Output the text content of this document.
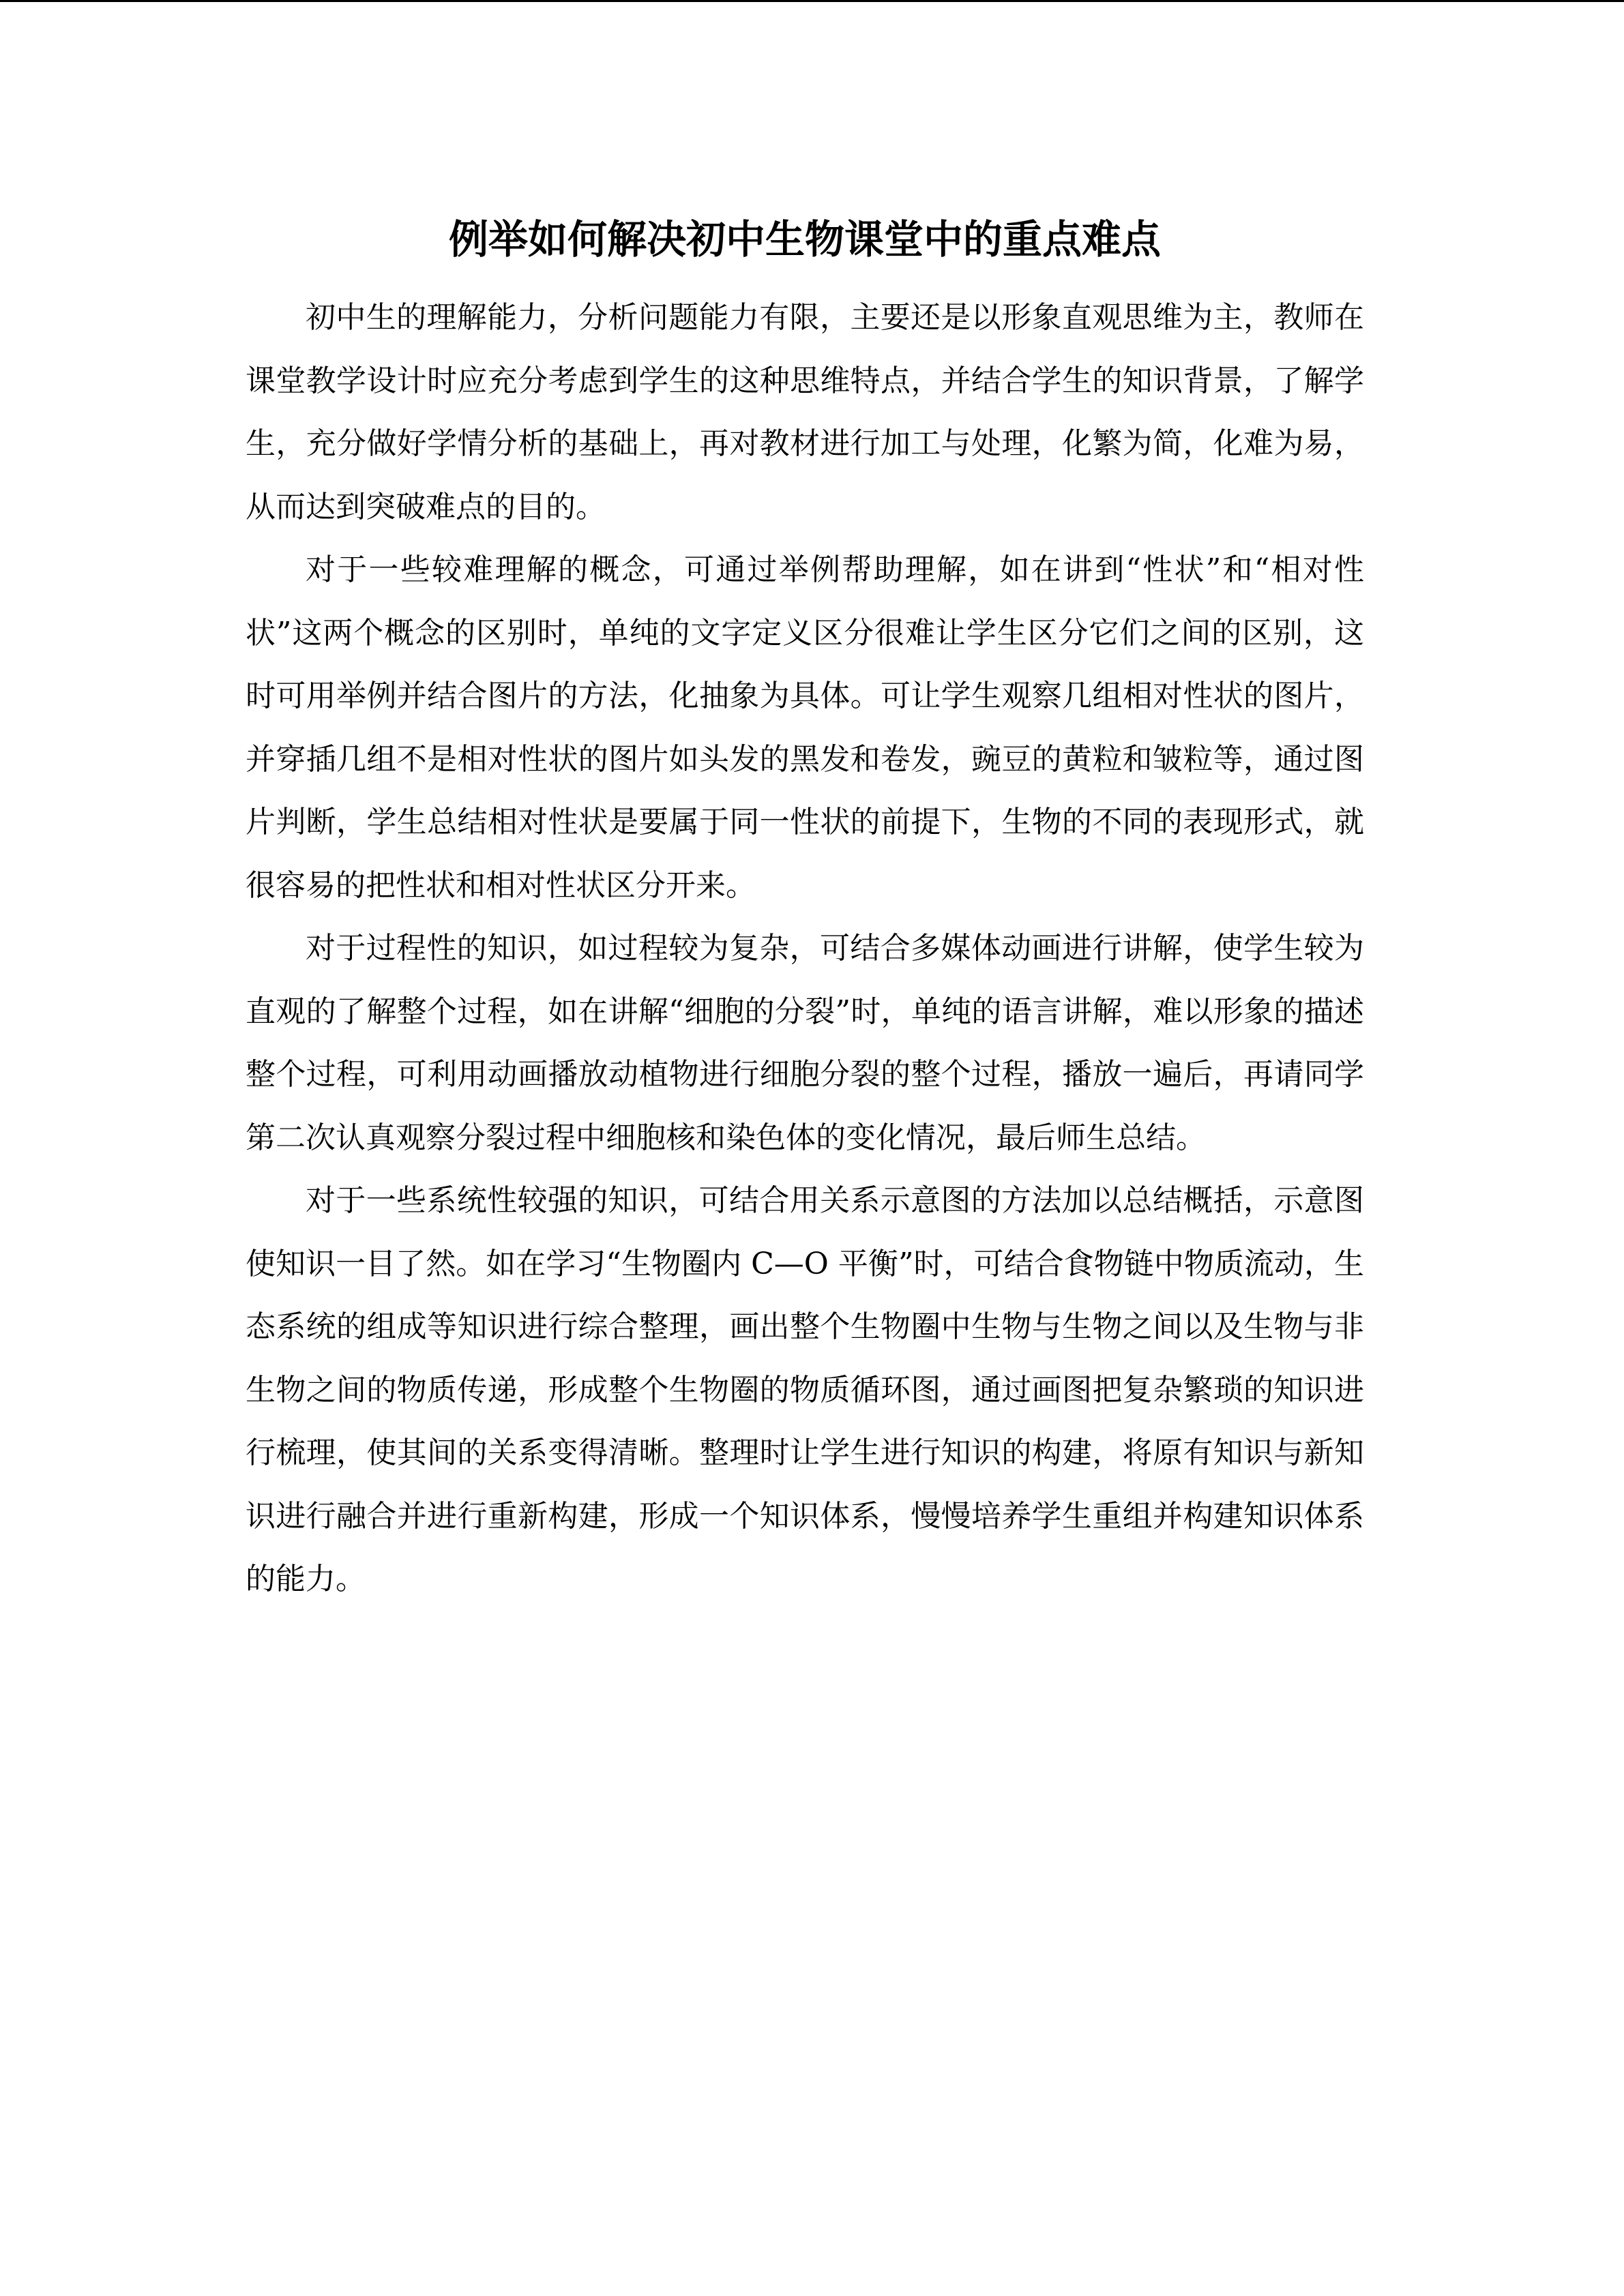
例举如何解决初中生物课堂中的重点难点

初中生的理解能力，分析问题能力有限，主要还是以形象直观思维为主，教师在课堂教学设计时应充分考虑到学生的这种思维特点，并结合学生的知识背景，了解学生，充分做好学情分析的基础上，再对教材进行加工与处理，化繁为简，化难为易，从而达到突破难点的目的。

对于一些较难理解的概念，可通过举例帮助理解，如在讲到“性状”和“相对性状”这两个概念的区别时，单纯的文字定义区分很难让学生区分它们之间的区别，这时可用举例并结合图片的方法，化抽象为具体。可让学生观察几组相对性状的图片，并穿插几组不是相对性状的图片如头发的黑发和卷发，豌豆的黄粒和皱粒等，通过图片判断，学生总结相对性状是要属于同一性状的前提下，生物的不同的表现形式，就很容易的把性状和相对性状区分开来。

对于过程性的知识，如过程较为复杂，可结合多媒体动画进行讲解，使学生较为直观的了解整个过程，如在讲解“细胞的分裂”时，单纯的语言讲解，难以形象的描述整个过程，可利用动画播放动植物进行细胞分裂的整个过程，播放一遍后，再请同学第二次认真观察分裂过程中细胞核和染色体的变化情况，最后师生总结。

对于一些系统性较强的知识，可结合用关系示意图的方法加以总结概括，示意图使知识一目了然。如在学习“生物圈内 C—O 平衡”时，可结合食物链中物质流动，生态系统的组成等知识进行综合整理，画出整个生物圈中生物与生物之间以及生物与非生物之间的物质传递，形成整个生物圈的物质循环图，通过画图把复杂繁琐的知识进行梳理，使其间的关系变得清晰。整理时让学生进行知识的构建，将原有知识与新知识进行融合并进行重新构建，形成一个知识体系，慢慢培养学生重组并构建知识体系的能力。
